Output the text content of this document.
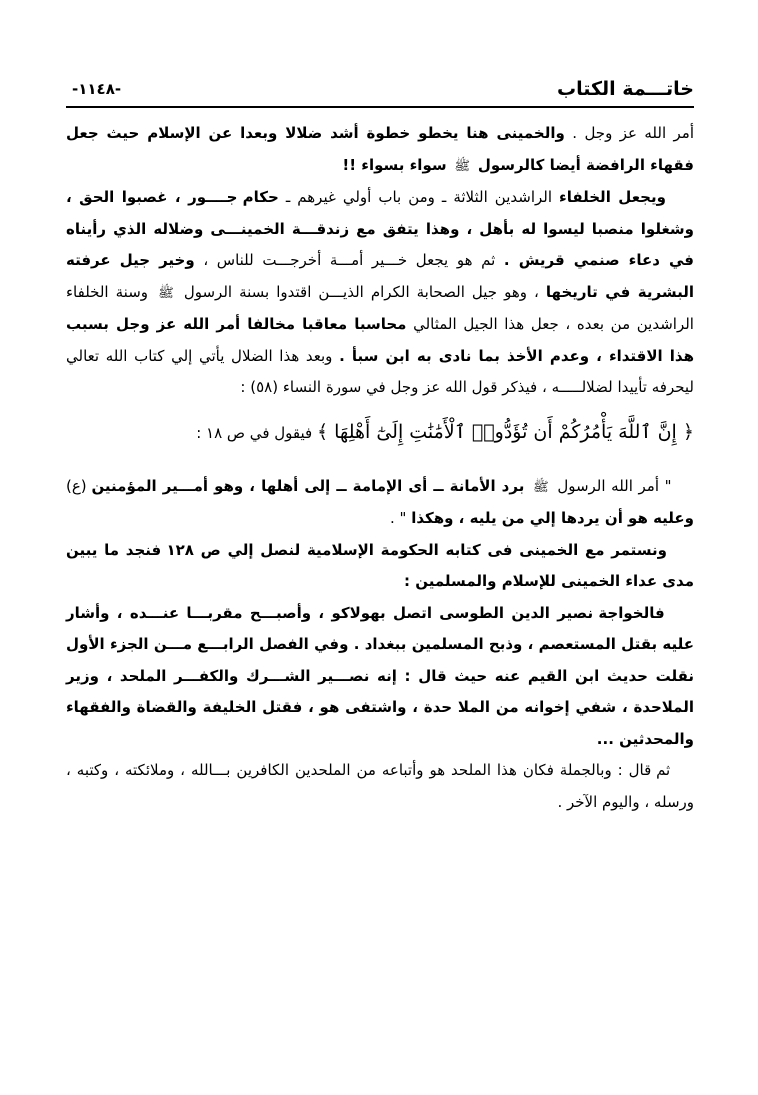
خاتـــمة الكتاب
-١١٤٨-

أمر الله عز وجل . والخمينى هنا يخطو خطوة أشد ضلالا وبعدا عن الإسلام حيث جعل فقهاء الرافضة أيضا كالرسول ﷺ سواء بسواء !!

ويجعل الخلفاء الراشدين الثلاثة ـ ومن باب أولي غيرهم ـ حكام جــــور ، غصبوا الحق ، وشغلوا منصبا ليسوا له بأهل ، وهذا يتفق مع زندقـــة الخمينـــى وضلاله الذي رأيناه في دعاء صنمي قريش . ثم هو يجعل خـــير أمـــة أخرجـــت للناس ، وخير جيل عرفته البشرية في تاريخها ، وهو جيل الصحابة الكرام الذيـــن اقتدوا بسنة الرسول ﷺ وسنة الخلفاء الراشدين من بعده ، جعل هذا الجيل المثالي محاسبا معاقبا مخالفا أمر الله عز وجل بسبب هذا الاقتداء ، وعدم الأخذ بما نادى به ابن سبأ . وبعد هذا الضلال يأتي إلي كتاب الله تعالي ليحرفه تأييدا لضلالـــــه ، فيذكر قول الله عز وجل في سورة النساء (٥٨) :

﴿ إِنَّ ٱللَّهَ يَأْمُرُكُمْ أَن تُؤَدُّوا۟ ٱلْأَمَٰنَٰتِ إِلَىٰٓ أَهْلِهَا ﴾ فيقول في ص ١٨ :

" أمر الله الرسول ﷺ برد الأمانة ــ أى الإمامة ــ إلى أهلها ، وهو أمـــير المؤمنين (ع) وعليه هو أن يردها إلي من يليه ، وهكذا " .

ونستمر مع الخمينى فى كتابه الحكومة الإسلامية لنصل إلي ص ١٢٨ فنجد ما يبين مدى عداء الخمينى للإسلام والمسلمين :

فالخواجة نصير الدين الطوسى اتصل بهولاكو ، وأصبـــح مقربـــا عنـــده ، وأشار عليه بقتل المستعصم ، وذبح المسلمين ببغداد . وفي الفصل الرابـــع مـــن الجزء الأول نقلت حديث ابن القيم عنه حيث قال : إنه نصـــير الشـــرك والكفـــر الملحد ، وزير الملاحدة ، شفي إخوانه من الملا حدة ، واشتفى هو ، فقتل الخليفة والقضاة والفقهاء والمحدثين ...

ثم قال : وبالجملة فكان هذا الملحد هو وأتباعه من الملحدين الكافرين بـــالله ، وملائكته ، وكتبه ، ورسله ، واليوم الآخر .
